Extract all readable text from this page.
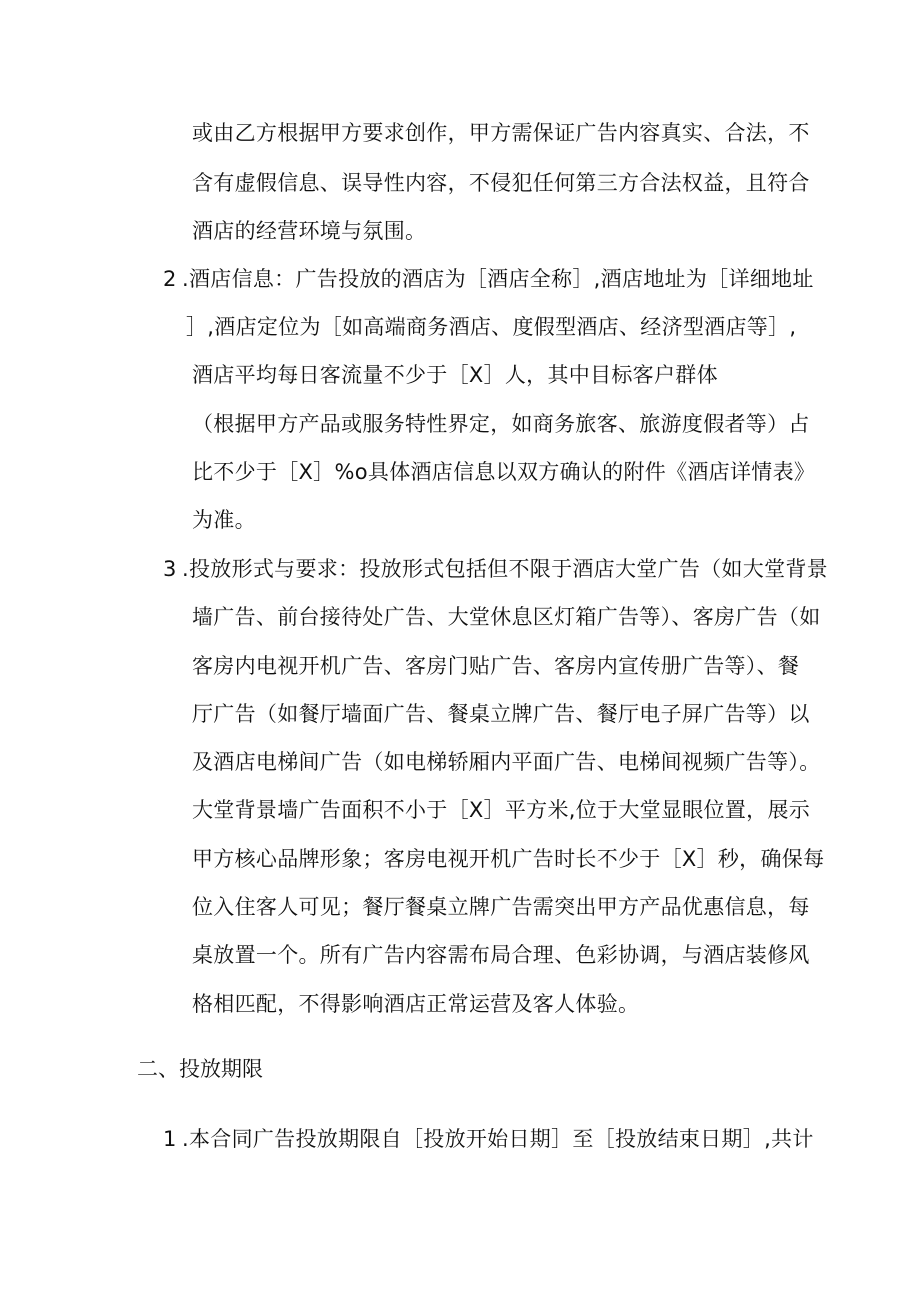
或由乙方根据甲方要求创作，甲方需保证广告内容真实、合法，不
含有虚假信息、误导性内容，不侵犯任何第三方合法权益，且符合
酒店的经营环境与氛围。
2 .酒店信息：广告投放的酒店为［酒店全称］,酒店地址为［详细地址
］,酒店定位为［如高端商务酒店、度假型酒店、经济型酒店等］,
酒店平均每日客流量不少于［X］人，其中目标客户群体
（根据甲方产品或服务特性界定，如商务旅客、旅游度假者等）占
比不少于［X］%o具体酒店信息以双方确认的附件《酒店详情表》
为准。
3 .投放形式与要求：投放形式包括但不限于酒店大堂广告（如大堂背景
墙广告、前台接待处广告、大堂休息区灯箱广告等）、客房广告（如
客房内电视开机广告、客房门贴广告、客房内宣传册广告等）、餐
厅广告（如餐厅墙面广告、餐桌立牌广告、餐厅电子屏广告等）以
及酒店电梯间广告（如电梯轿厢内平面广告、电梯间视频广告等）。
大堂背景墙广告面积不小于［X］平方米,位于大堂显眼位置，展示
甲方核心品牌形象；客房电视开机广告时长不少于［X］秒，确保每
位入住客人可见；餐厅餐桌立牌广告需突出甲方产品优惠信息，每
桌放置一个。所有广告内容需布局合理、色彩协调，与酒店装修风
格相匹配，不得影响酒店正常运营及客人体验。
二、投放期限
1 .本合同广告投放期限自［投放开始日期］至［投放结束日期］,共计
